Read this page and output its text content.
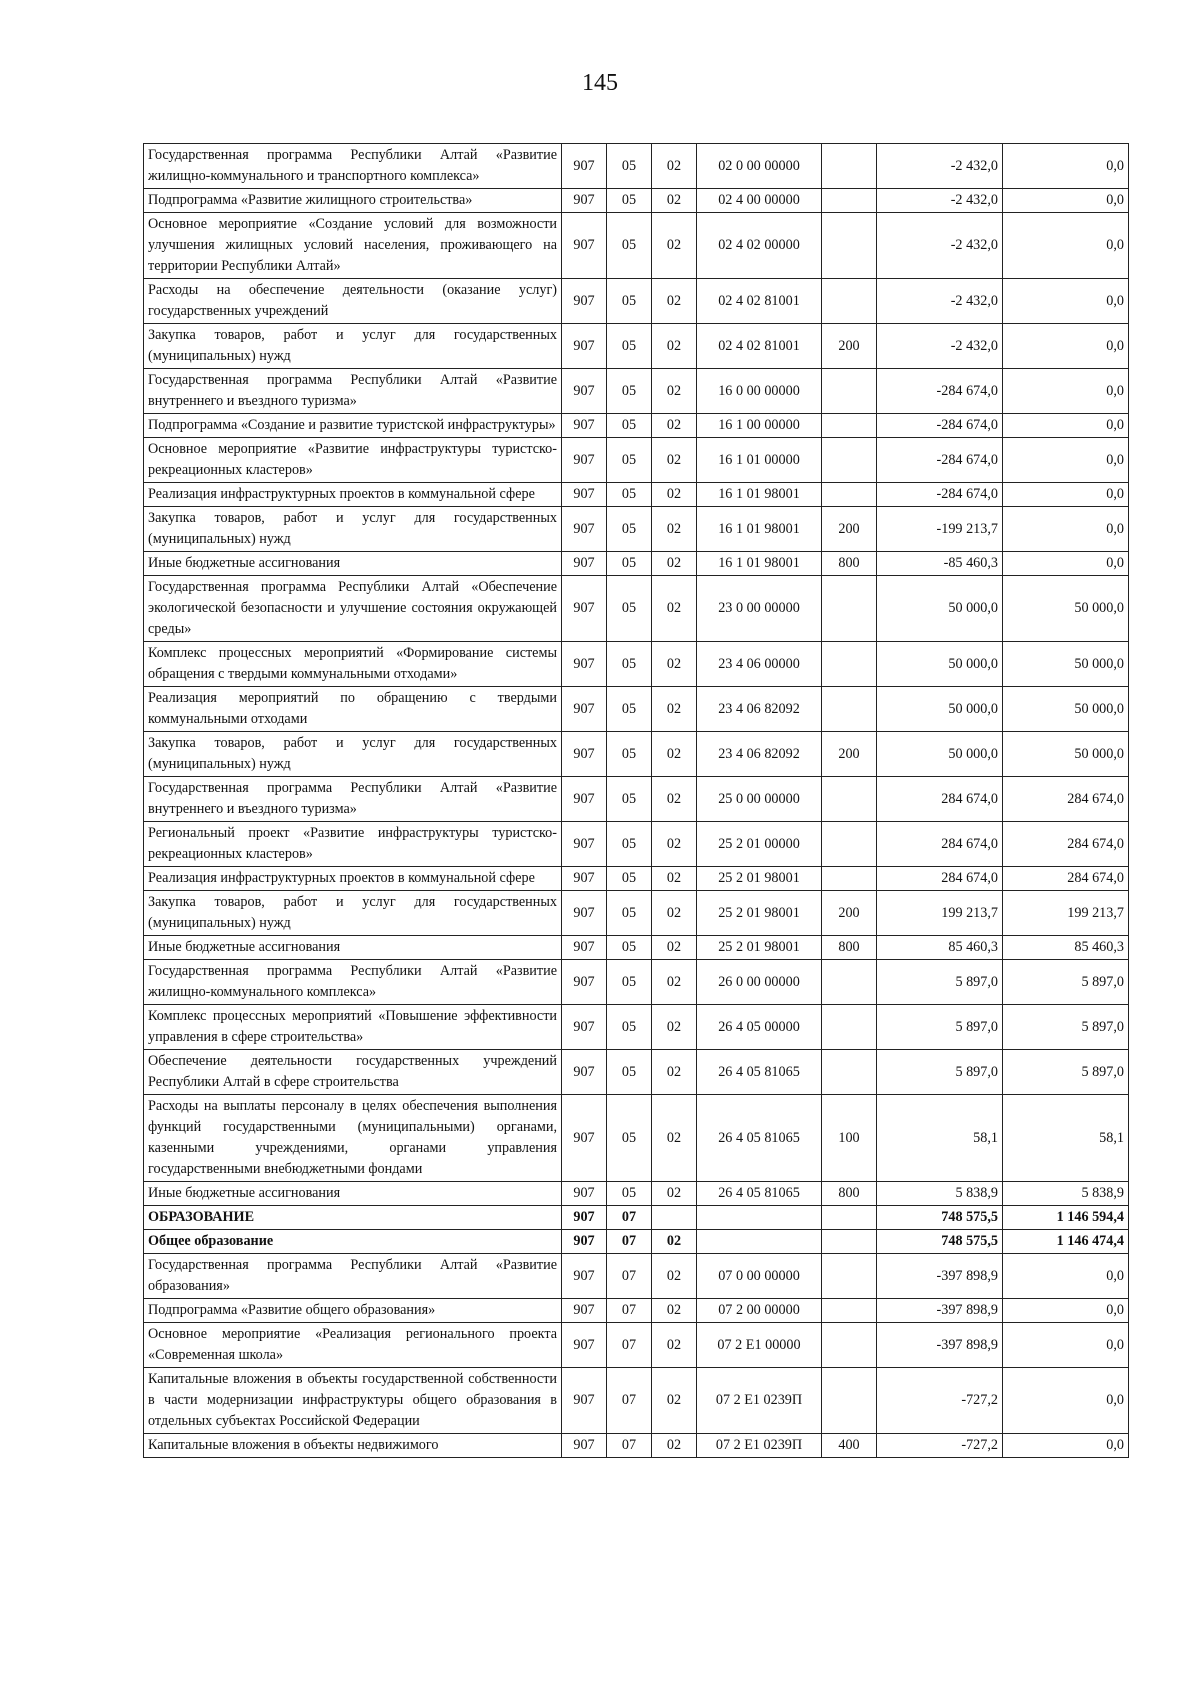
145
Государственная программа Республики Алтай «Развитие жилищно-коммунального и транспортного комплекса»	907	05	02	02 0 00 00000		-2 432,0	0,0
Подпрограмма «Развитие жилищного строительства»	907	05	02	02 4 00 00000		-2 432,0	0,0
Основное мероприятие «Создание условий для возможности улучшения жилищных условий населения, проживающего на территории Республики Алтай»	907	05	02	02 4 02 00000		-2 432,0	0,0
Расходы на обеспечение деятельности (оказание услуг) государственных учреждений	907	05	02	02 4 02 81001		-2 432,0	0,0
Закупка товаров, работ и услуг для государственных (муниципальных) нужд	907	05	02	02 4 02 81001	200	-2 432,0	0,0
Государственная программа Республики Алтай «Развитие внутреннего и въездного туризма»	907	05	02	16 0 00 00000		-284 674,0	0,0
Подпрограмма «Создание и развитие туристской инфраструктуры»	907	05	02	16 1 00 00000		-284 674,0	0,0
Основное мероприятие «Развитие инфраструктуры туристско-рекреационных кластеров»	907	05	02	16 1 01 00000		-284 674,0	0,0
Реализация инфраструктурных проектов в коммунальной сфере	907	05	02	16 1 01 98001		-284 674,0	0,0
Закупка товаров, работ и услуг для государственных (муниципальных) нужд	907	05	02	16 1 01 98001	200	-199 213,7	0,0
Иные бюджетные ассигнования	907	05	02	16 1 01 98001	800	-85 460,3	0,0
Государственная программа Республики Алтай «Обеспечение экологической безопасности и улучшение состояния окружающей среды»	907	05	02	23 0 00 00000		50 000,0	50 000,0
Комплекс процессных мероприятий «Формирование системы обращения с твердыми коммунальными отходами»	907	05	02	23 4 06 00000		50 000,0	50 000,0
Реализация мероприятий по обращению с твердыми коммунальными отходами	907	05	02	23 4 06 82092		50 000,0	50 000,0
Закупка товаров, работ и услуг для государственных (муниципальных) нужд	907	05	02	23 4 06 82092	200	50 000,0	50 000,0
Государственная программа Республики Алтай «Развитие внутреннего и въездного туризма»	907	05	02	25 0 00 00000		284 674,0	284 674,0
Региональный проект «Развитие инфраструктуры туристско-рекреационных кластеров»	907	05	02	25 2 01 00000		284 674,0	284 674,0
Реализация инфраструктурных проектов в коммунальной сфере	907	05	02	25 2 01 98001		284 674,0	284 674,0
Закупка товаров, работ и услуг для государственных (муниципальных) нужд	907	05	02	25 2 01 98001	200	199 213,7	199 213,7
Иные бюджетные ассигнования	907	05	02	25 2 01 98001	800	85 460,3	85 460,3
Государственная программа Республики Алтай «Развитие жилищно-коммунального комплекса»	907	05	02	26 0 00 00000		5 897,0	5 897,0
Комплекс процессных мероприятий «Повышение эффективности управления в сфере строительства»	907	05	02	26 4 05 00000		5 897,0	5 897,0
Обеспечение деятельности государственных учреждений Республики Алтай в сфере строительства	907	05	02	26 4 05 81065		5 897,0	5 897,0
Расходы на выплаты персоналу в целях обеспечения выполнения функций государственными (муниципальными) органами, казенными учреждениями, органами управления государственными внебюджетными фондами	907	05	02	26 4 05 81065	100	58,1	58,1
Иные бюджетные ассигнования	907	05	02	26 4 05 81065	800	5 838,9	5 838,9
ОБРАЗОВАНИЕ	907	07				748 575,5	1 146 594,4
Общее образование	907	07	02			748 575,5	1 146 474,4
Государственная программа Республики Алтай «Развитие образования»	907	07	02	07 0 00 00000		-397 898,9	0,0
Подпрограмма «Развитие общего образования»	907	07	02	07 2 00 00000		-397 898,9	0,0
Основное мероприятие «Реализация регионального проекта «Современная школа»	907	07	02	07 2 E1 00000		-397 898,9	0,0
Капитальные вложения в объекты государственной собственности в части модернизации инфраструктуры общего образования в отдельных субъектах Российской Федерации	907	07	02	07 2 E1 0239П		-727,2	0,0
Капитальные вложения в объекты недвижимого	907	07	02	07 2 E1 0239П	400	-727,2	0,0
